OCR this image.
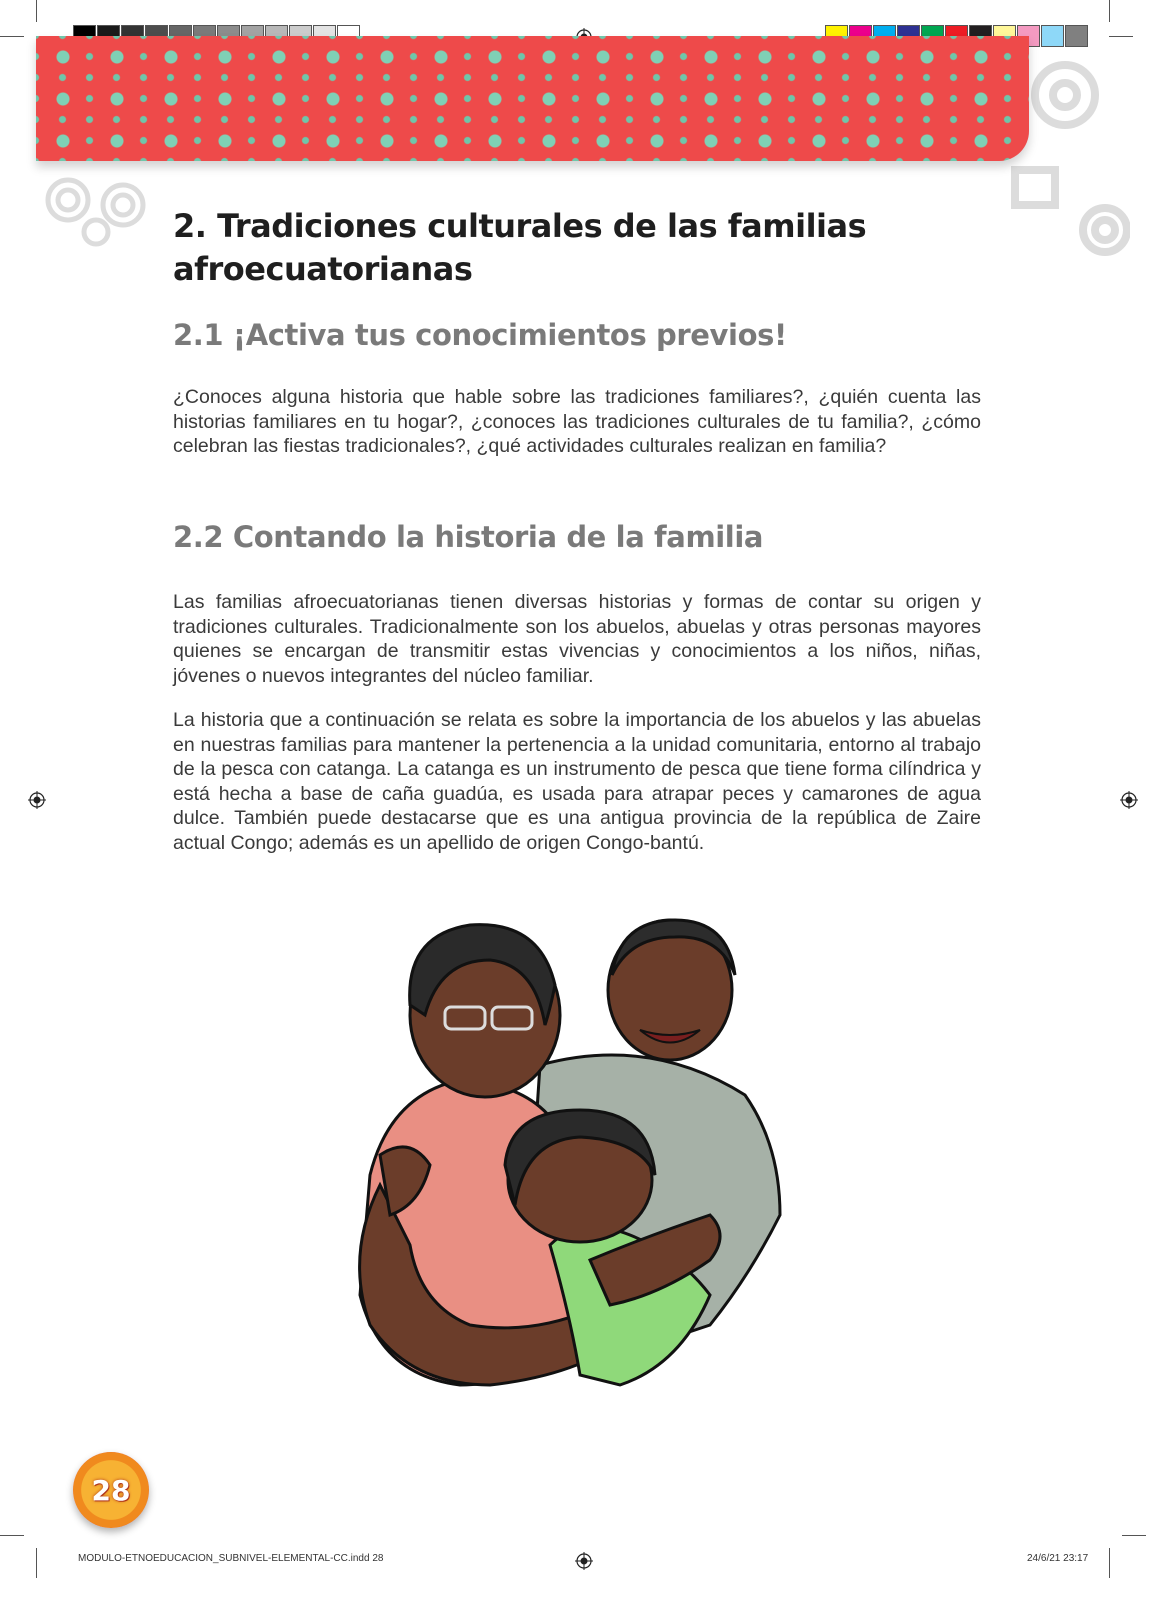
2. Tradiciones culturales de las familias afroecuatorianas
2.1 ¡Activa tus conocimientos previos!

¿Conoces alguna historia que hable sobre las tradiciones familiares?, ¿quién cuenta las historias familiares en tu hogar?, ¿conoces las tradiciones culturales de tu familia?, ¿cómo celebran las fiestas tradicionales?, ¿qué actividades culturales realizan en familia?

2.2 Contando la historia de la familia

Las familias afroecuatorianas tienen diversas historias y formas de contar su origen y tradiciones culturales. Tradicionalmente son los abuelos, abuelas y otras personas mayores quienes se encargan de transmitir estas vivencias y conocimientos a los niños, niñas, jóvenes o nuevos integrantes del núcleo familiar.

La historia que a continuación se relata es sobre la importancia de los abuelos y las abuelas en nuestras familias para mantener la pertenencia a la unidad comunitaria, entorno al trabajo de la pesca con catanga. La catanga es un instrumento de pesca que tiene forma cilíndrica y está hecha a base de caña guadúa, es usada para atrapar peces y camarones de agua dulce. También puede destacarse que es una antigua provincia de la república de Zaire actual Congo; además es un apellido de origen Congo-bantú.

28
MODULO-ETNOEDUCACION_SUBNIVEL-ELEMENTAL-CC.indd 28	24/6/21 23:17
